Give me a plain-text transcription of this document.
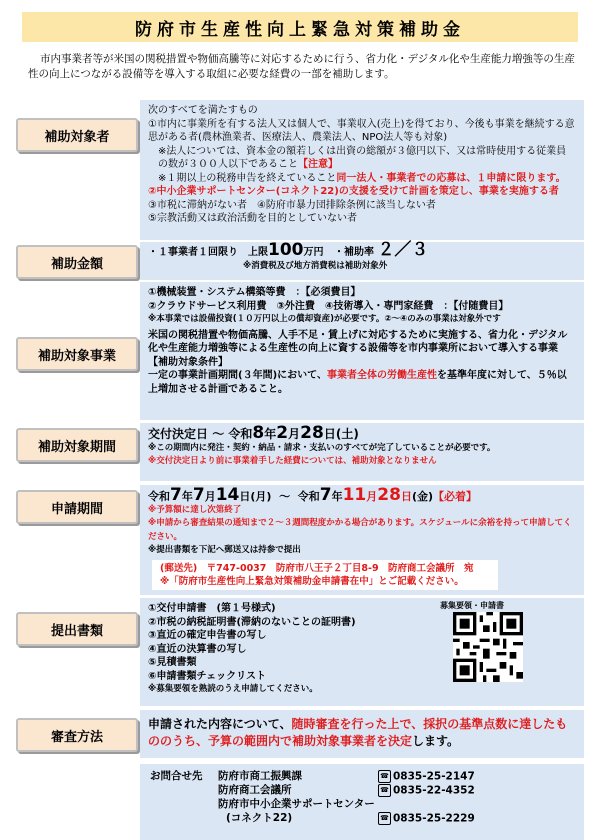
防府市生産性向上緊急対策補助金
市内事業者等が米国の関税措置や物価高騰等に対応するために行う、省力化・デジタル化や生産能力増強等の生産性の向上につながる設備等を導入する取組に必要な経費の一部を補助します。
補助対象者
次のすべてを満たすもの
①市内に事業所を有する法人又は個人で、事業収入(売上)を得ており、今後も事業を継続する意思がある者(農林漁業者、医療法人、農業法人、NPO法人等も対象)
※法人については、資本金の額若しくは出資の総額が３億円以下、又は常時使用する従業員の数が３００人以下であること【注意】
※１期以上の税務申告を終えていること同一法人・事業者での応募は、１申請に限ります。
②中小企業サポートセンター(コネクト22)の支援を受けて計画を策定し、事業を実施する者
③市税に滞納がない者　④防府市暴力団排除条例に該当しない者
⑤宗教活動又は政治活動を目的としていない者
補助金額
・１事業者１回限り　上限100万円 ・補助率 ２／３
※消費税及び地方消費税は補助対象外
補助対象事業
①機械装置・システム構築等費　：【必須費目】
②クラウドサービス利用費　③外注費　④技術導入・専門家経費　：【付随費目】
※本事業では設備投資(１０万円以上の償却資産)が必要です。②～④のみの事業は対象外です
米国の関税措置や物価高騰、人手不足・賃上げに対応するために実施する、省力化・デジタル化や生産能力増強等による生産性の向上に資する設備等を市内事業所において導入する事業
【補助対象条件】
一定の事業計画期間(３年間)において、事業者全体の労働生産性を基準年度に対して、５％以上増加させる計画であること。
補助対象期間
交付決定日 ～ 令和8年2月28日(土)
※この期間内に発注・契約・納品・請求・支払いのすべてが完了していることが必要です。
※交付決定日より前に事業着手した経費については、補助対象となりません
申請期間
令和7年7月14日(月)  ～  令和7年11月28日(金)【必着】
※予算額に達し次第終了
※申請から審査結果の通知まで２～３週間程度かかる場合があります。スケジュールに余裕を持って申請してください。
※提出書類を下記へ郵送又は持参で提出
(郵送先)　〒747-0037　防府市八王子２丁目8-9　防府商工会議所　宛
※「防府市生産性向上緊急対策補助金申請書在中」とご記載ください。
提出書類
①交付申請書　(第１号様式)
②市税の納税証明書(滞納のないことの証明書)
③直近の確定申告書の写し
④直近の決算書の写し
⑤見積書類
⑥申請書類チェックリスト
※募集要領を熟読のうえ申請してください。
募集要領・申請書
審査方法
申請された内容について、随時審査を行った上で、採択の基準点数に達したもののうち、予算の範囲内で補助対象事業者を決定します。
お問合せ先	防府市商工振興課	☎ 0835-25-2147
防府商工会議所	☎ 0835-22-4352
防府市中小企業サポートセンター
(コネクト22)	☎ 0835-25-2229
